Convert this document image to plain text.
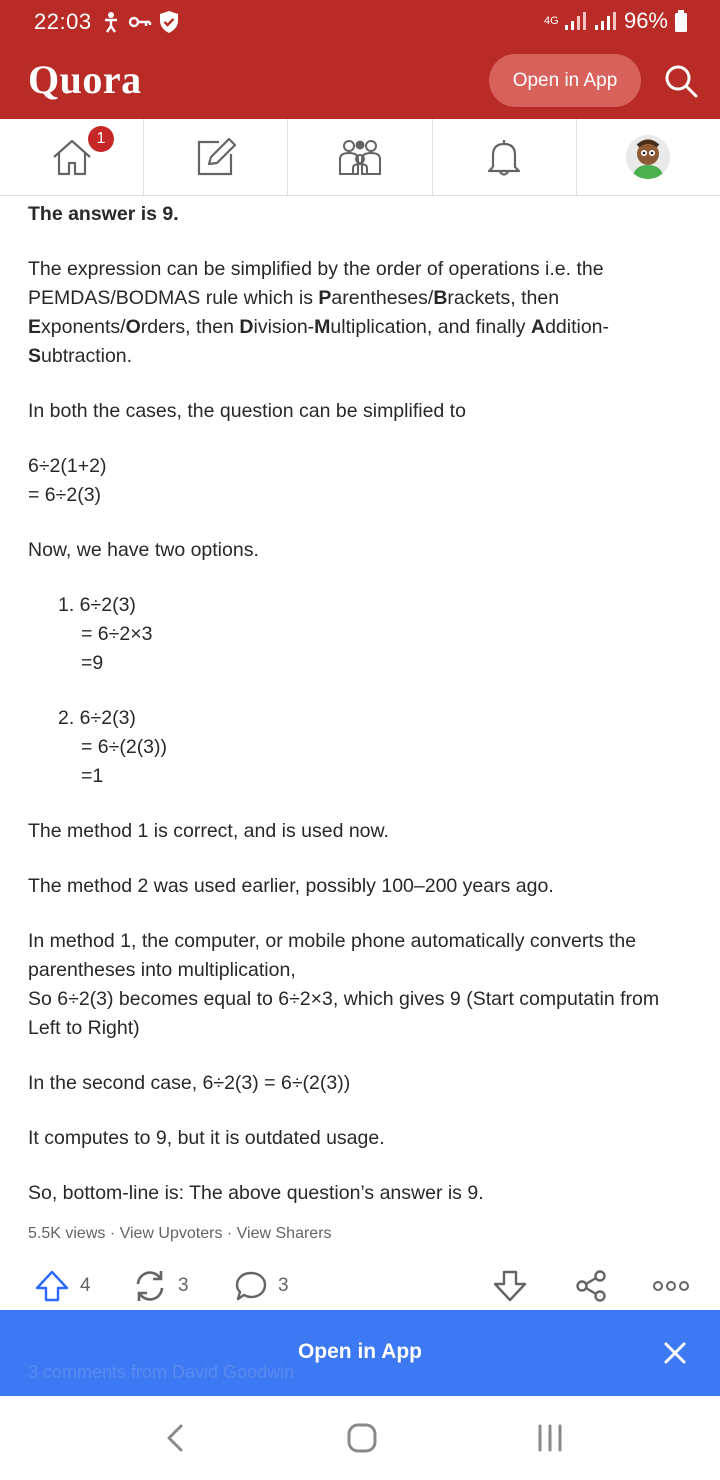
22:03	4G	96%
Quora	Open in App
1

The answer is 9.

The expression can be simplified by the order of operations i.e. the PEMDAS/BODMAS rule which is Parentheses/Brackets, then Exponents/Orders, then Division-Multiplication, and finally Addition-Subtraction.

In both the cases, the question can be simplified to

6÷2(1+2)

= 6÷2(3)

Now, we have two options.

1. 6÷2(3)

= 6÷2×3

=9

2. 6÷2(3)

= 6÷(2(3))

=1

The method 1 is correct, and is used now.

The method 2 was used earlier, possibly 100–200 years ago.

In method 1, the computer, or mobile phone automatically converts the parentheses into multiplication,

So 6÷2(3) becomes equal to 6÷2×3, which gives 9 (Start computatin from Left to Right)

In the second case, 6÷2(3) = 6÷(2(3))

It computes to 9, but it is outdated usage.

So, bottom-line is: The above question’s answer is 9.

5.5K views · View Upvoters · View Sharers
4	3	3
3 comments from David Goodwin
Open in App
